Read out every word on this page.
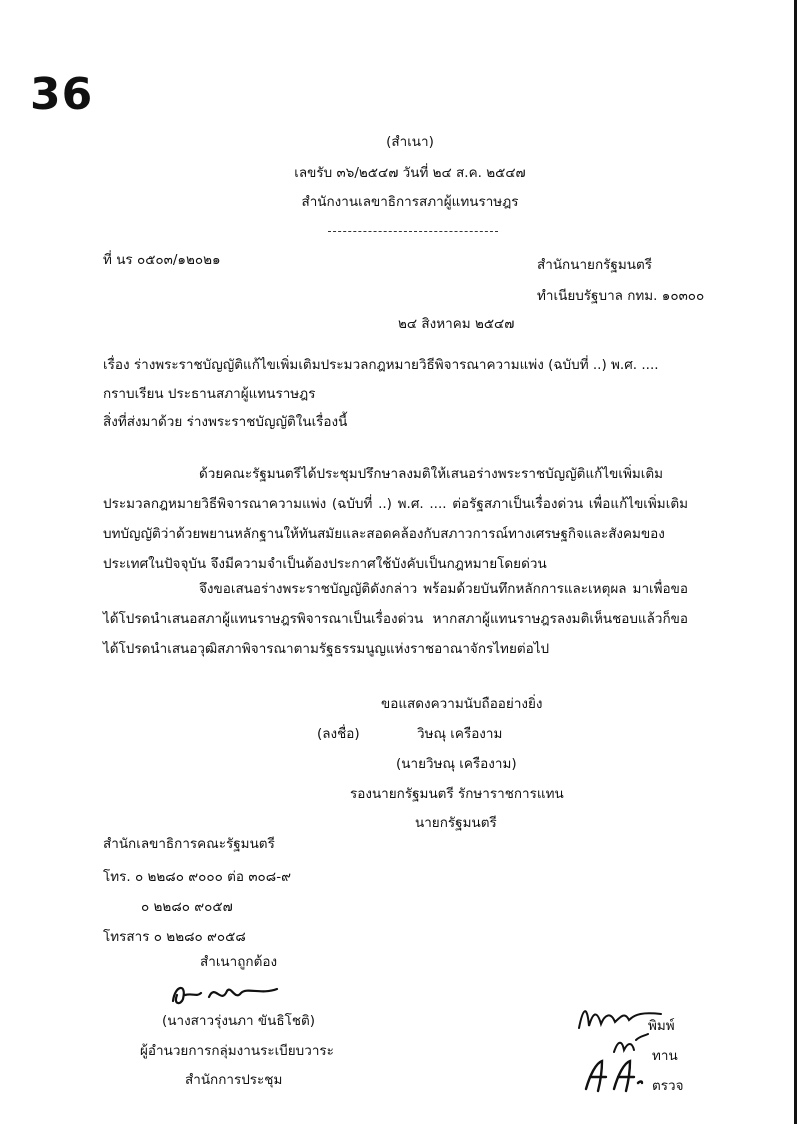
36
(สำเนา)
เลขรับ ๓๖/๒๕๔๗ วันที่ ๒๔ ส.ค. ๒๕๔๗
สำนักงานเลขาธิการสภาผู้แทนราษฎร
ที่ นร ๐๕๐๓/๑๒๐๒๑	สำนักนายกรัฐมนตรี
ทำเนียบรัฐบาล กทม. ๑๐๓๐๐
๒๔ สิงหาคม ๒๕๔๗
เรื่อง ร่างพระราชบัญญัติแก้ไขเพิ่มเติมประมวลกฎหมายวิธีพิจารณาความแพ่ง (ฉบับที่ ..) พ.ศ. ....
กราบเรียน ประธานสภาผู้แทนราษฎร
สิ่งที่ส่งมาด้วย ร่างพระราชบัญญัติในเรื่องนี้
ด้วยคณะรัฐมนตรีได้ประชุมปรึกษาลงมติให้เสนอร่างพระราชบัญญัติแก้ไขเพิ่มเติมประมวลกฎหมายวิธีพิจารณาความแพ่ง (ฉบับที่ ..) พ.ศ. .... ต่อรัฐสภาเป็นเรื่องด่วน เพื่อแก้ไขเพิ่มเติมบทบัญญัติว่าด้วยพยานหลักฐานให้ทันสมัยและสอดคล้องกับสภาวการณ์ทางเศรษฐกิจและสังคมของประเทศในปัจจุบัน จึงมีความจำเป็นต้องประกาศใช้บังคับเป็นกฎหมายโดยด่วน
จึงขอเสนอร่างพระราชบัญญัติดังกล่าว พร้อมด้วยบันทึกหลักการและเหตุผล มาเพื่อขอได้โปรดนำเสนอสภาผู้แทนราษฎรพิจารณาเป็นเรื่องด่วน หากสภาผู้แทนราษฎรลงมติเห็นชอบแล้วก็ขอได้โปรดนำเสนอวุฒิสภาพิจารณาตามรัฐธรรมนูญแห่งราชอาณาจักรไทยต่อไป
ขอแสดงความนับถืออย่างยิ่ง
(ลงชื่อ)	วิษณุ เครืองาม
(นายวิษณุ เครืองาม)
รองนายกรัฐมนตรี รักษาราชการแทน
นายกรัฐมนตรี
สำนักเลขาธิการคณะรัฐมนตรี
โทร. ๐ ๒๒๘๐ ๙๐๐๐ ต่อ ๓๐๘-๙
๐ ๒๒๘๐ ๙๐๕๗
โทรสาร ๐ ๒๒๘๐ ๙๐๕๘
สำเนาถูกต้อง
(นางสาวรุ่งนภา ขันธิโชติ)
ผู้อำนวยการกลุ่มงานระเบียบวาระ
สำนักการประชุม
พิมพ์
ทาน
ตรวจ
